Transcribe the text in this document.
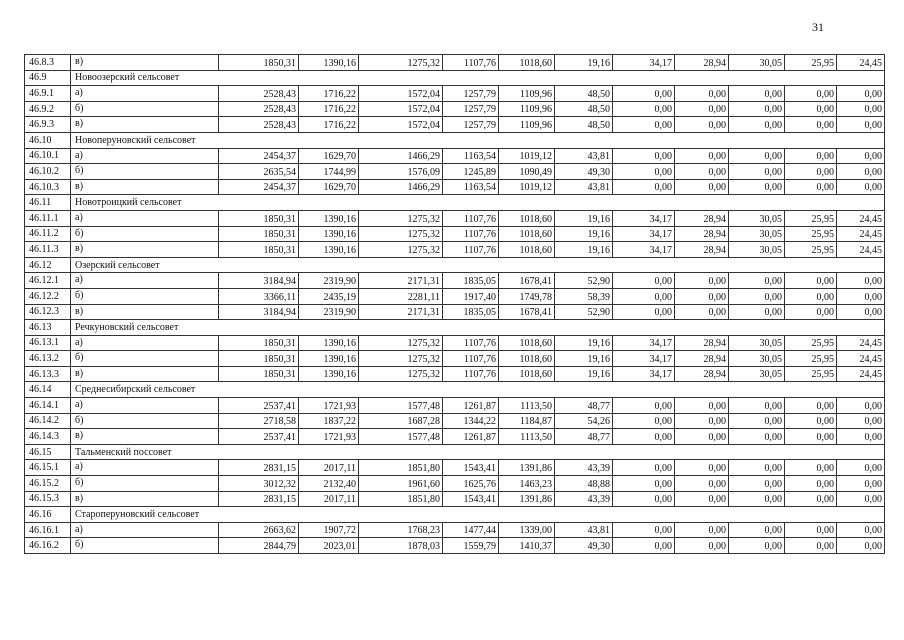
31
46.8.3	в)	1850,31	1390,16	1275,32	1107,76	1018,60	19,16	34,17	28,94	30,05	25,95	24,45
46.9	Новоозерский сельсовет											
46.9.1	а)	2528,43	1716,22	1572,04	1257,79	1109,96	48,50	0,00	0,00	0,00	0,00	0,00
46.9.2	б)	2528,43	1716,22	1572,04	1257,79	1109,96	48,50	0,00	0,00	0,00	0,00	0,00
46.9.3	в)	2528,43	1716,22	1572,04	1257,79	1109,96	48,50	0,00	0,00	0,00	0,00	0,00
46.10	Новоперуновский сельсовет											
46.10.1	а)	2454,37	1629,70	1466,29	1163,54	1019,12	43,81	0,00	0,00	0,00	0,00	0,00
46.10.2	б)	2635,54	1744,99	1576,09	1245,89	1090,49	49,30	0,00	0,00	0,00	0,00	0,00
46.10.3	в)	2454,37	1629,70	1466,29	1163,54	1019,12	43,81	0,00	0,00	0,00	0,00	0,00
46.11	Новотроицкий сельсовет											
46.11.1	а)	1850,31	1390,16	1275,32	1107,76	1018,60	19,16	34,17	28,94	30,05	25,95	24,45
46.11.2	б)	1850,31	1390,16	1275,32	1107,76	1018,60	19,16	34,17	28,94	30,05	25,95	24,45
46.11.3	в)	1850,31	1390,16	1275,32	1107,76	1018,60	19,16	34,17	28,94	30,05	25,95	24,45
46.12	Озерский сельсовет											
46.12.1	а)	3184,94	2319,90	2171,31	1835,05	1678,41	52,90	0,00	0,00	0,00	0,00	0,00
46.12.2	б)	3366,11	2435,19	2281,11	1917,40	1749,78	58,39	0,00	0,00	0,00	0,00	0,00
46.12.3	в)	3184,94	2319,90	2171,31	1835,05	1678,41	52,90	0,00	0,00	0,00	0,00	0,00
46.13	Речкуновский сельсовет											
46.13.1	а)	1850,31	1390,16	1275,32	1107,76	1018,60	19,16	34,17	28,94	30,05	25,95	24,45
46.13.2	б)	1850,31	1390,16	1275,32	1107,76	1018,60	19,16	34,17	28,94	30,05	25,95	24,45
46.13.3	в)	1850,31	1390,16	1275,32	1107,76	1018,60	19,16	34,17	28,94	30,05	25,95	24,45
46.14	Среднесибирский сельсовет											
46.14.1	а)	2537,41	1721,93	1577,48	1261,87	1113,50	48,77	0,00	0,00	0,00	0,00	0,00
46.14.2	б)	2718,58	1837,22	1687,28	1344,22	1184,87	54,26	0,00	0,00	0,00	0,00	0,00
46.14.3	в)	2537,41	1721,93	1577,48	1261,87	1113,50	48,77	0,00	0,00	0,00	0,00	0,00
46.15	Тальменский поссовет											
46.15.1	а)	2831,15	2017,11	1851,80	1543,41	1391,86	43,39	0,00	0,00	0,00	0,00	0,00
46.15.2	б)	3012,32	2132,40	1961,60	1625,76	1463,23	48,88	0,00	0,00	0,00	0,00	0,00
46.15.3	в)	2831,15	2017,11	1851,80	1543,41	1391,86	43,39	0,00	0,00	0,00	0,00	0,00
46.16	Староперуновский сельсовет											
46.16.1	а)	2663,62	1907,72	1768,23	1477,44	1339,00	43,81	0,00	0,00	0,00	0,00	0,00
46.16.2	б)	2844,79	2023,01	1878,03	1559,79	1410,37	49,30	0,00	0,00	0,00	0,00	0,00
